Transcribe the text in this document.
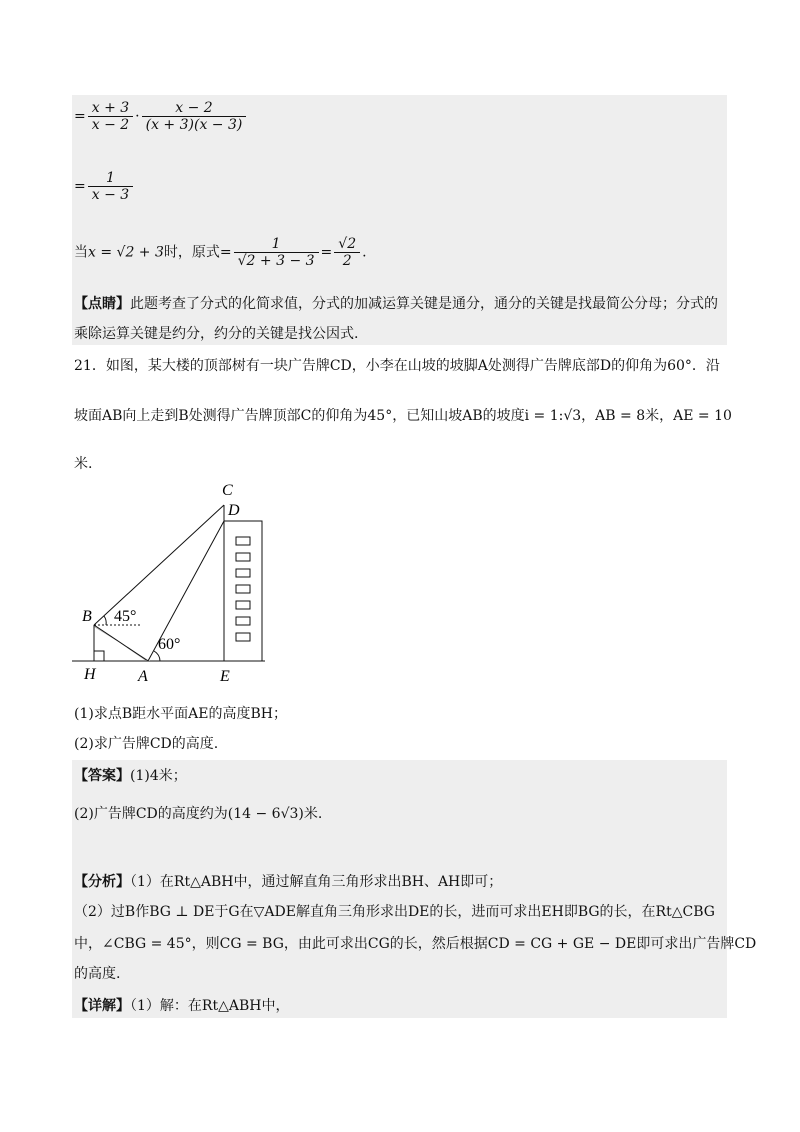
= $\frac{x + 3}{x - 2} \cdot \frac{x - 2}{(x + 3)(x - 3)}$
= $\frac{1}{x - 3}$
当x = √2 + 3时，原式= $\frac{1}{√2 + 3 - 3} = \frac{√2}{2}$ .
【点睛】此题考查了分式的化简求值，分式的加减运算关键是通分，通分的关键是找最简公分母；分式的
乘除运算关键是约分，约分的关键是找公因式.
21．如图，某大楼的顶部树有一块广告牌CD，小李在山坡的坡脚A处测得广告牌底部D的仰角为60°．沿
坡面AB向上走到B处测得广告牌顶部C的仰角为45°，已知山坡AB的坡度i = 1:√3，AB = 8米，AE = 10
米.
C
D
B
H	A	E
45°
60°
(1)求点B距水平面AE的高度BH；
(2)求广告牌CD的高度.
【答案】(1)4米；
(2)广告牌CD的高度约为(14 − 6√3)米.
【分析】（1）在Rt△ABH中，通过解直角三角形求出BH、AH即可；
（2）过B作BG ⊥ DE于G在▽ADE解直角三角形求出DE的长，进而可求出EH即BG的长，在Rt△CBG
中，∠CBG = 45°，则CG = BG，由此可求出CG的长，然后根据CD = CG + GE − DE即可求出广告牌CD
的高度.
【详解】（1）解：在Rt△ABH中，
